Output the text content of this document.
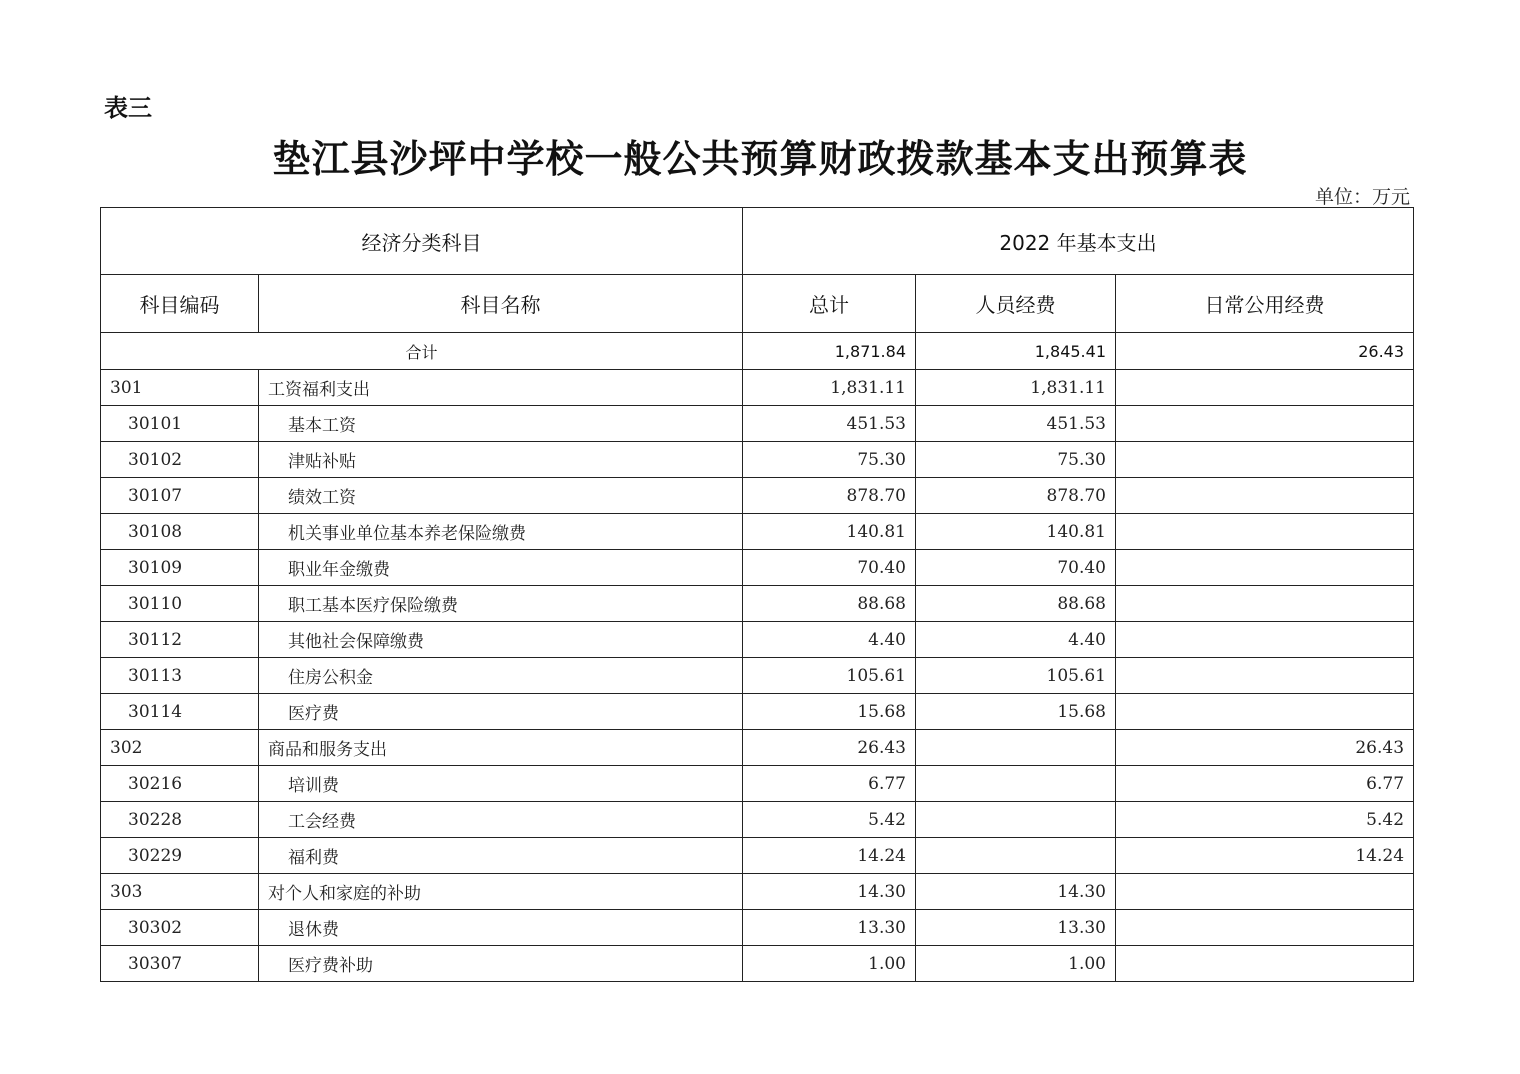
表三
垫江县沙坪中学校一般公共预算财政拨款基本支出预算表
单位：万元
经济分类科目		2022 年基本支出		
科目编码	科目名称	总计	人员经费	日常公用经费
合计		1,871.84	1,845.41	26.43
301	工资福利支出	1,831.11	1,831.11	
30101	基本工资	451.53	451.53	
30102	津贴补贴	75.30	75.30	
30107	绩效工资	878.70	878.70	
30108	机关事业单位基本养老保险缴费	140.81	140.81	
30109	职业年金缴费	70.40	70.40	
30110	职工基本医疗保险缴费	88.68	88.68	
30112	其他社会保障缴费	4.40	4.40	
30113	住房公积金	105.61	105.61	
30114	医疗费	15.68	15.68	
302	商品和服务支出	26.43		26.43
30216	培训费	6.77		6.77
30228	工会经费	5.42		5.42
30229	福利费	14.24		14.24
303	对个人和家庭的补助	14.30	14.30	
30302	退休费	13.30	13.30	
30307	医疗费补助	1.00	1.00	
